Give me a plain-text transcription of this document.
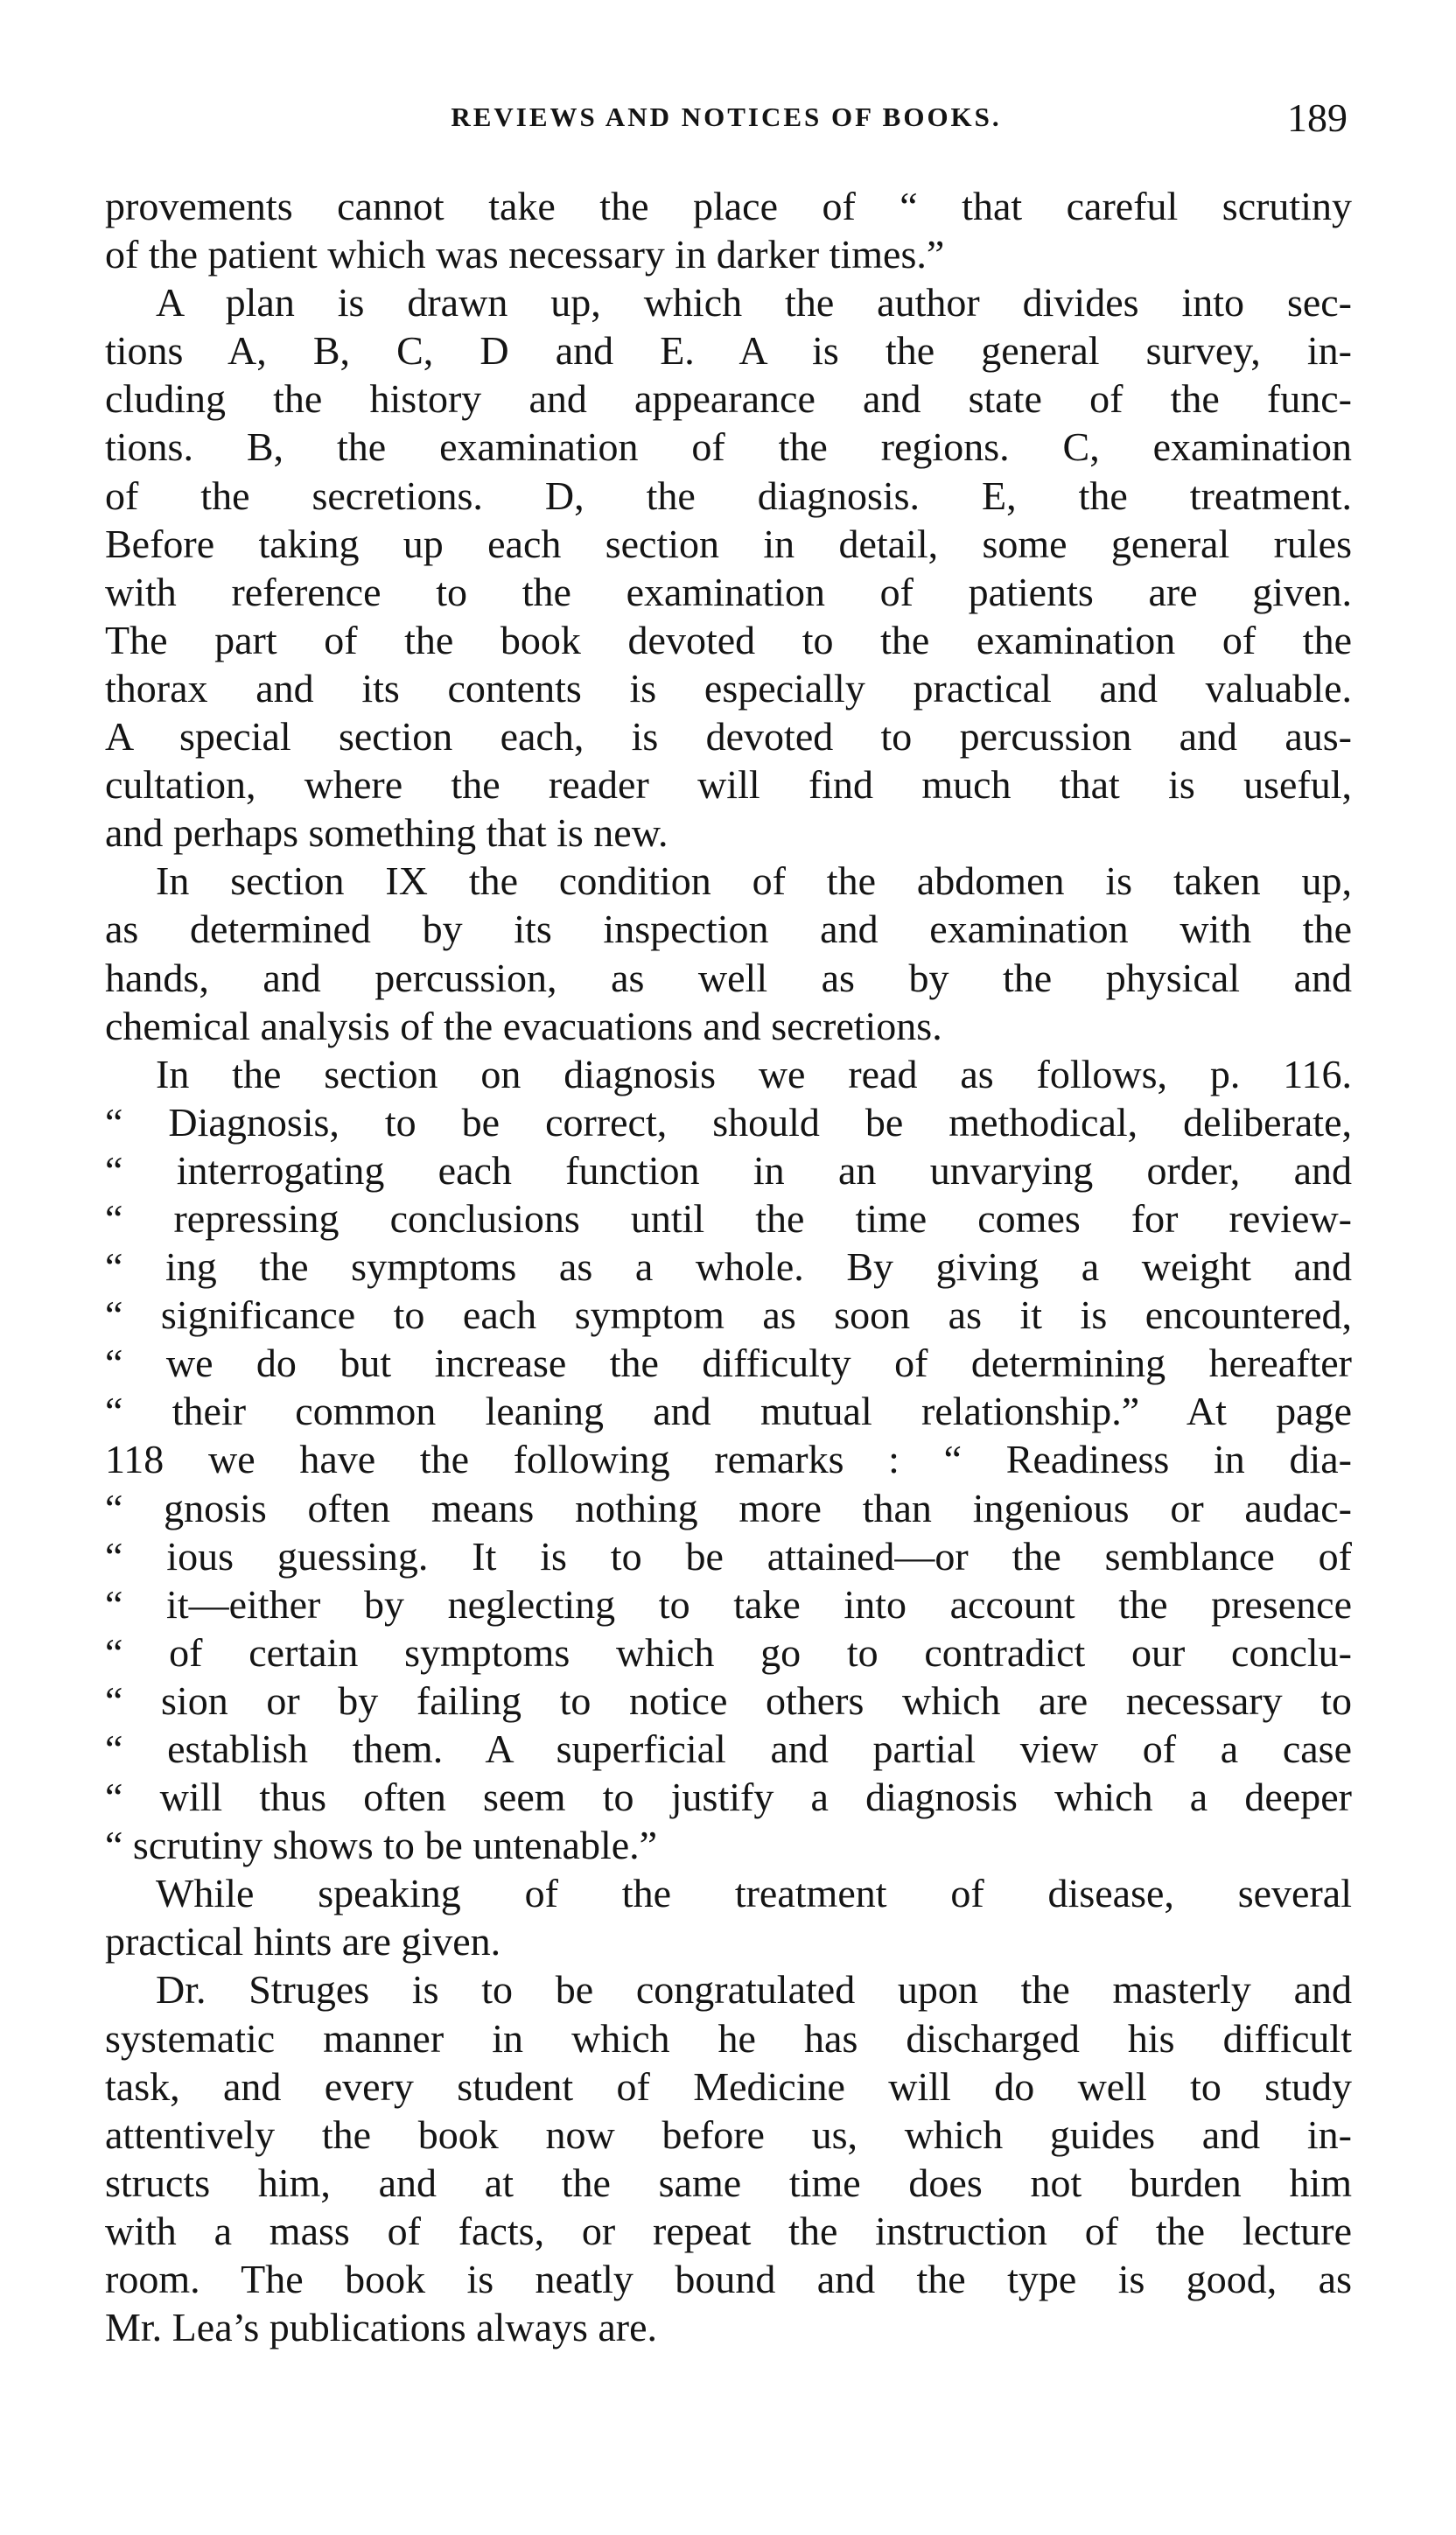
REVIEWS AND NOTICES OF BOOKS.	189
provements cannot take the place of “ that careful scrutiny
of the patient which was necessary in darker times.”
A plan is drawn up, which the author divides into sec-
tions A, B, C, D and E. A is the general survey, in-
cluding the history and appearance and state of the func-
tions. B, the examination of the regions. C, examination
of the secretions. D, the diagnosis. E, the treatment.
Before taking up each section in detail, some general rules
with reference to the examination of patients are given.
The part of the book devoted to the examination of the
thorax and its contents is especially practical and valuable.
A special section each, is devoted to percussion and aus-
cultation, where the reader will find much that is useful,
and perhaps something that is new.
In section IX the condition of the abdomen is taken up,
as determined by its inspection and examination with the
hands, and percussion, as well as by the physical and
chemical analysis of the evacuations and secretions.
In the section on diagnosis we read as follows, p. 116.
“ Diagnosis, to be correct, should be methodical, deliberate,
“ interrogating each function in an unvarying order, and
“ repressing conclusions until the time comes for review-
“ ing the symptoms as a whole. By giving a weight and
“ significance to each symptom as soon as it is encountered,
“ we do but increase the difficulty of determining hereafter
“ their common leaning and mutual relationship.” At page
118 we have the following remarks : “ Readiness in dia-
“ gnosis often means nothing more than ingenious or audac-
“ ious guessing. It is to be attained—or the semblance of
“ it—either by neglecting to take into account the presence
“ of certain symptoms which go to contradict our conclu-
“ sion or by failing to notice others which are necessary to
“ establish them. A superficial and partial view of a case
“ will thus often seem to justify a diagnosis which a deeper
“ scrutiny shows to be untenable.”
While speaking of the treatment of disease, several
practical hints are given.
Dr. Struges is to be congratulated upon the masterly and
systematic manner in which he has discharged his difficult
task, and every student of Medicine will do well to study
attentively the book now before us, which guides and in-
structs him, and at the same time does not burden him
with a mass of facts, or repeat the instruction of the lecture
room. The book is neatly bound and the type is good, as
Mr. Lea’s publications always are.
